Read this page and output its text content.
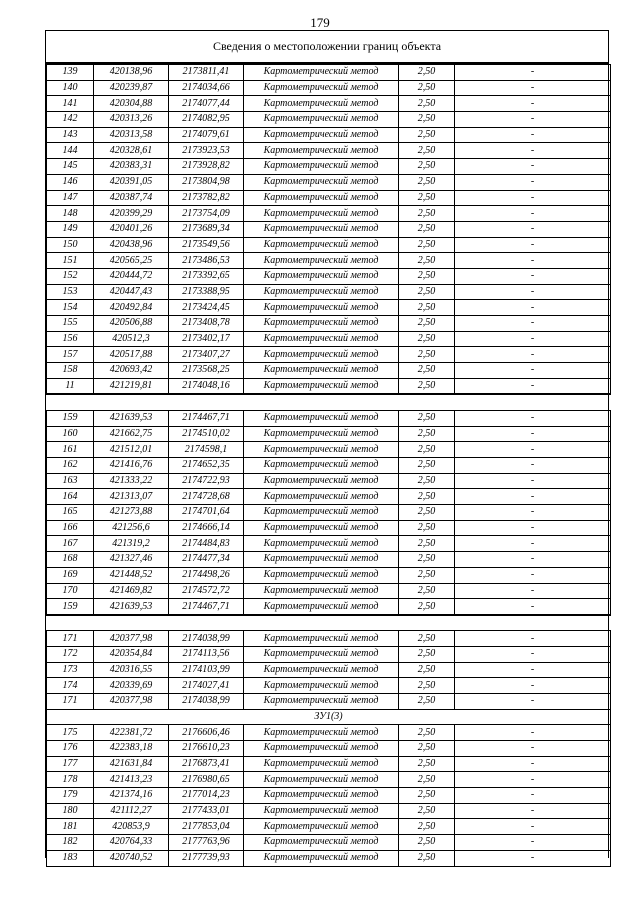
179
Сведения о местоположении границ объекта
139	420138,96	2173811,41	Картометрический метод	2,50	-
140	420239,87	2174034,66	Картометрический метод	2,50	-
141	420304,88	2174077,44	Картометрический метод	2,50	-
142	420313,26	2174082,95	Картометрический метод	2,50	-
143	420313,58	2174079,61	Картометрический метод	2,50	-
144	420328,61	2173923,53	Картометрический метод	2,50	-
145	420383,31	2173928,82	Картометрический метод	2,50	-
146	420391,05	2173804,98	Картометрический метод	2,50	-
147	420387,74	2173782,82	Картометрический метод	2,50	-
148	420399,29	2173754,09	Картометрический метод	2,50	-
149	420401,26	2173689,34	Картометрический метод	2,50	-
150	420438,96	2173549,56	Картометрический метод	2,50	-
151	420565,25	2173486,53	Картометрический метод	2,50	-
152	420444,72	2173392,65	Картометрический метод	2,50	-
153	420447,43	2173388,95	Картометрический метод	2,50	-
154	420492,84	2173424,45	Картометрический метод	2,50	-
155	420506,88	2173408,78	Картометрический метод	2,50	-
156	420512,3	2173402,17	Картометрический метод	2,50	-
157	420517,88	2173407,27	Картометрический метод	2,50	-
158	420693,42	2173568,25	Картометрический метод	2,50	-
11	421219,81	2174048,16	Картометрический метод	2,50	-

159	421639,53	2174467,71	Картометрический метод	2,50	-
160	421662,75	2174510,02	Картометрический метод	2,50	-
161	421512,01	2174598,1	Картометрический метод	2,50	-
162	421416,76	2174652,35	Картометрический метод	2,50	-
163	421333,22	2174722,93	Картометрический метод	2,50	-
164	421313,07	2174728,68	Картометрический метод	2,50	-
165	421273,88	2174701,64	Картометрический метод	2,50	-
166	421256,6	2174666,14	Картометрический метод	2,50	-
167	421319,2	2174484,83	Картометрический метод	2,50	-
168	421327,46	2174477,34	Картометрический метод	2,50	-
169	421448,52	2174498,26	Картометрический метод	2,50	-
170	421469,82	2174572,72	Картометрический метод	2,50	-
159	421639,53	2174467,71	Картометрический метод	2,50	-

171	420377,98	2174038,99	Картометрический метод	2,50	-
172	420354,84	2174113,56	Картометрический метод	2,50	-
173	420316,55	2174103,99	Картометрический метод	2,50	-
174	420339,69	2174027,41	Картометрический метод	2,50	-
171	420377,98	2174038,99	Картометрический метод	2,50	-
ЗУ1(3)					
175	422381,72	2176606,46	Картометрический метод	2,50	-
176	422383,18	2176610,23	Картометрический метод	2,50	-
177	421631,84	2176873,41	Картометрический метод	2,50	-
178	421413,23	2176980,65	Картометрический метод	2,50	-
179	421374,16	2177014,23	Картометрический метод	2,50	-
180	421112,27	2177433,01	Картометрический метод	2,50	-
181	420853,9	2177853,04	Картометрический метод	2,50	-
182	420764,33	2177763,96	Картометрический метод	2,50	-
183	420740,52	2177739,93	Картометрический метод	2,50	-
